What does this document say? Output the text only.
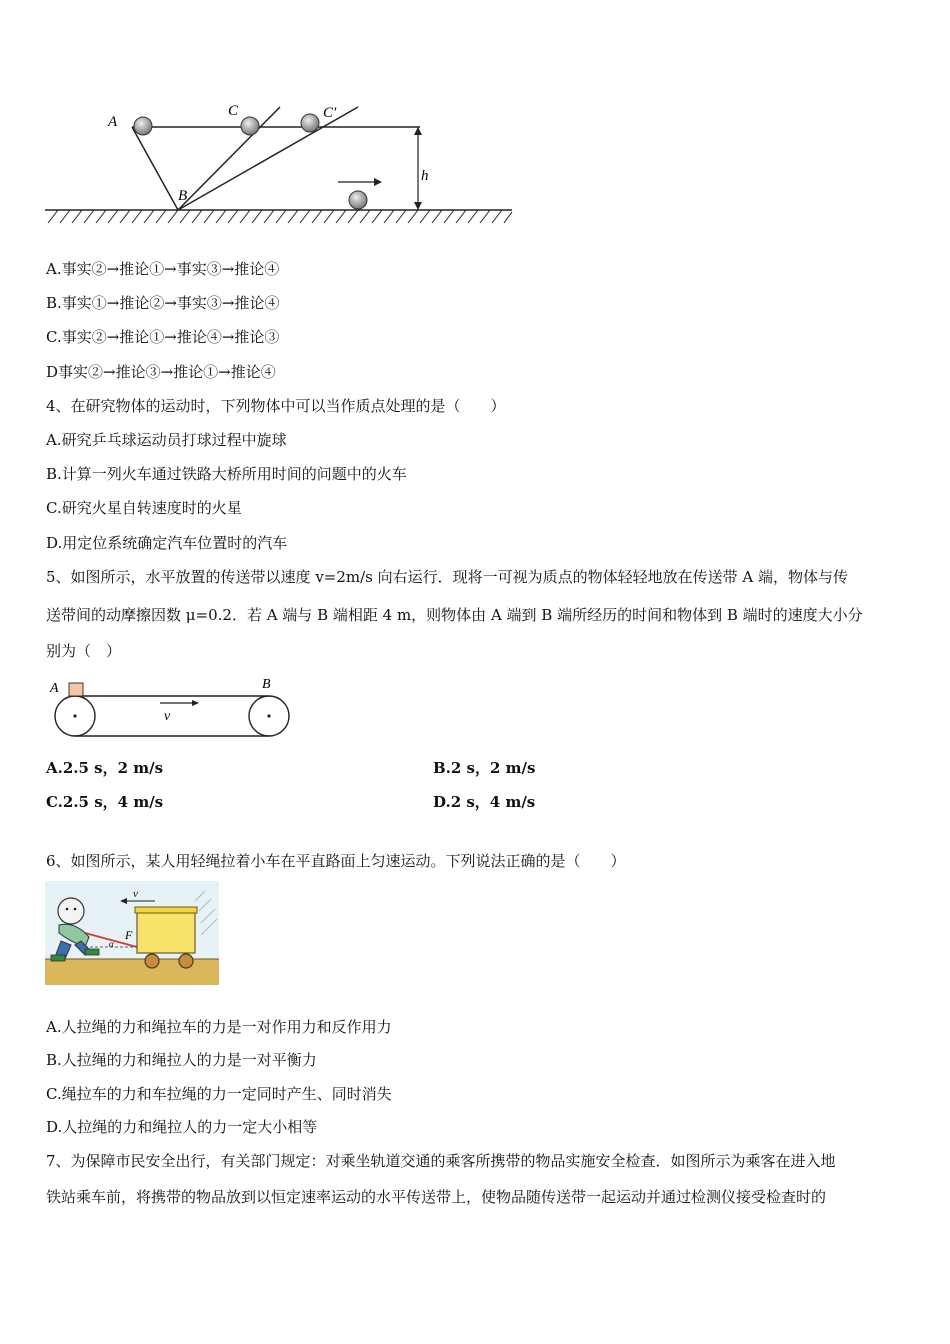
A
B
C	C′
h
A.事实②→推论①→事实③→推论④
B.事实①→推论②→事实③→推论④
C.事实②→推论①→推论④→推论③
D事实②→推论③→推论①→推论④
4、在研究物体的运动时，下列物体中可以当作质点处理的是（　　）
A.研究乒乓球运动员打球过程中旋球
B.计算一列火车通过铁路大桥所用时间的问题中的火车
C.研究火星自转速度时的火星
D.用定位系统确定汽车位置时的汽车
5、如图所示，水平放置的传送带以速度 v=2m/s 向右运行．现将一可视为质点的物体轻轻地放在传送带 A 端，物体与传
送带间的动摩擦因数 μ=0.2．若 A 端与 B 端相距 4 m，则物体由 A 端到 B 端所经历的时间和物体到 B 端时的速度大小分
别为（　）
A	B
v
A.2.5 s，2 m/s	B.2 s，2 m/s
C.2.5 s，4 m/s	D.2 s，4 m/s
6、如图所示，某人用轻绳拉着小车在平直路面上匀速运动。下列说法正确的是（　　）
v
F
α
A.人拉绳的力和绳拉车的力是一对作用力和反作用力
B.人拉绳的力和绳拉人的力是一对平衡力
C.绳拉车的力和车拉绳的力一定同时产生、同时消失
D.人拉绳的力和绳拉人的力一定大小相等
7、为保障市民安全出行，有关部门规定：对乘坐轨道交通的乘客所携带的物品实施安全检查．如图所示为乘客在进入地
铁站乘车前，将携带的物品放到以恒定速率运动的水平传送带上，使物品随传送带一起运动并通过检测仪接受检查时的
